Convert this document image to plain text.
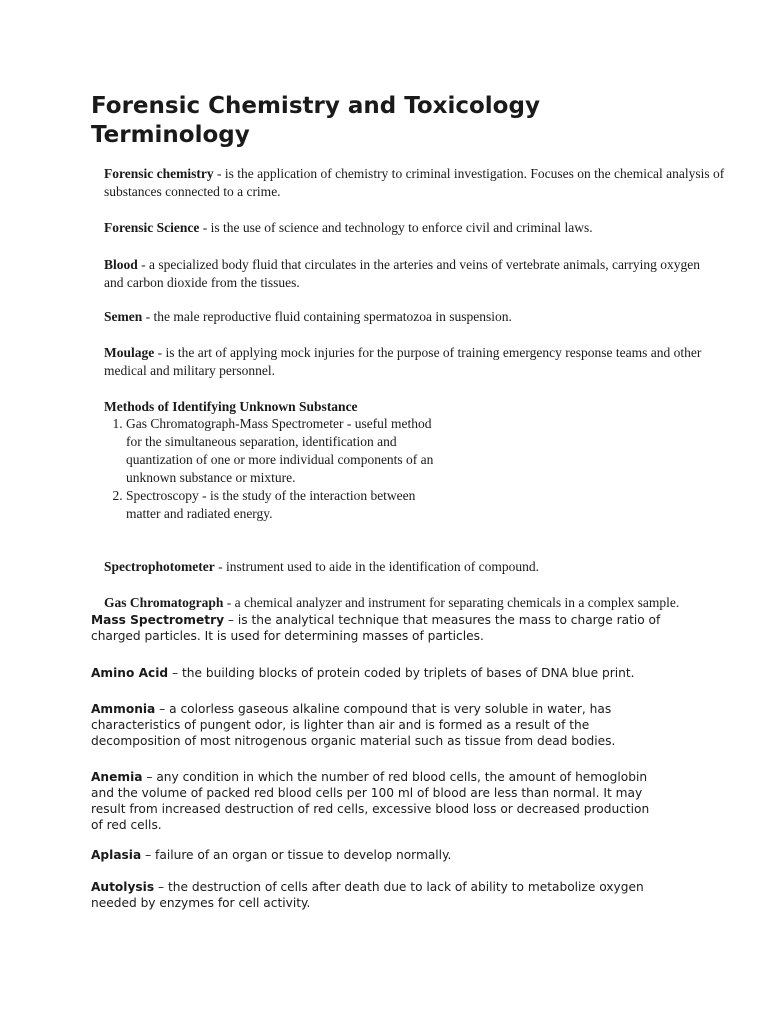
Forensic Chemistry and Toxicology Terminology
Forensic chemistry - is the application of chemistry to criminal investigation. Focuses on the chemical analysis of
substances connected to a crime.
Forensic Science - is the use of science and technology to enforce civil and criminal laws.
Blood - a specialized body fluid that circulates in the arteries and veins of vertebrate animals, carrying oxygen
and carbon dioxide from the tissues.
Semen - the male reproductive fluid containing spermatozoa in suspension.
Moulage - is the art of applying mock injuries for the purpose of training emergency response teams and other
medical and military personnel.
Methods of Identifying Unknown Substance
1. Gas Chromatograph-Mass Spectrometer - useful method for the simultaneous separation, identification and quantization of one or more individual components of an unknown substance or mixture.
2. Spectroscopy - is the study of the interaction between matter and radiated energy.
Spectrophotometer - instrument used to aide in the identification of compound.
Gas Chromatograph - a chemical analyzer and instrument for separating chemicals in a complex sample.
Mass Spectrometry – is the analytical technique that measures the mass to charge ratio of
charged particles. It is used for determining masses of particles.
Amino Acid – the building blocks of protein coded by triplets of bases of DNA blue print.
Ammonia – a colorless gaseous alkaline compound that is very soluble in water, has
characteristics of pungent odor, is lighter than air and is formed as a result of the
decomposition of most nitrogenous organic material such as tissue from dead bodies.
Anemia – any condition in which the number of red blood cells, the amount of hemoglobin
and the volume of packed red blood cells per 100 ml of blood are less than normal. It may
result from increased destruction of red cells, excessive blood loss or decreased production
of red cells.
Aplasia – failure of an organ or tissue to develop normally.
Autolysis – the destruction of cells after death due to lack of ability to metabolize oxygen
needed by enzymes for cell activity.
